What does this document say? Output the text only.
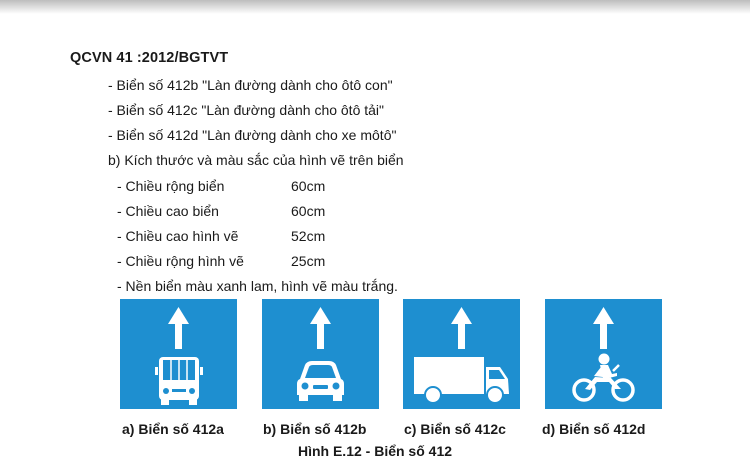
QCVN 41 :2012/BGTVT
- Biển số 412b "Làn đường dành cho ôtô con"
- Biển số 412c "Làn đường dành cho ôtô tải"
- Biển số 412d "Làn đường dành cho xe môtô"
b) Kích thước và màu sắc của hình vẽ trên biển
- Chiều rộng biển	60cm
- Chiều cao biển	60cm
- Chiều cao hình vẽ	52cm
- Chiều rộng hình vẽ	25cm
- Nền biển màu xanh lam, hình vẽ màu trắng.
a) Biển số 412a	b) Biển số 412b	c) Biển số 412c	d) Biển số 412d
Hình E.12 - Biển số 412
